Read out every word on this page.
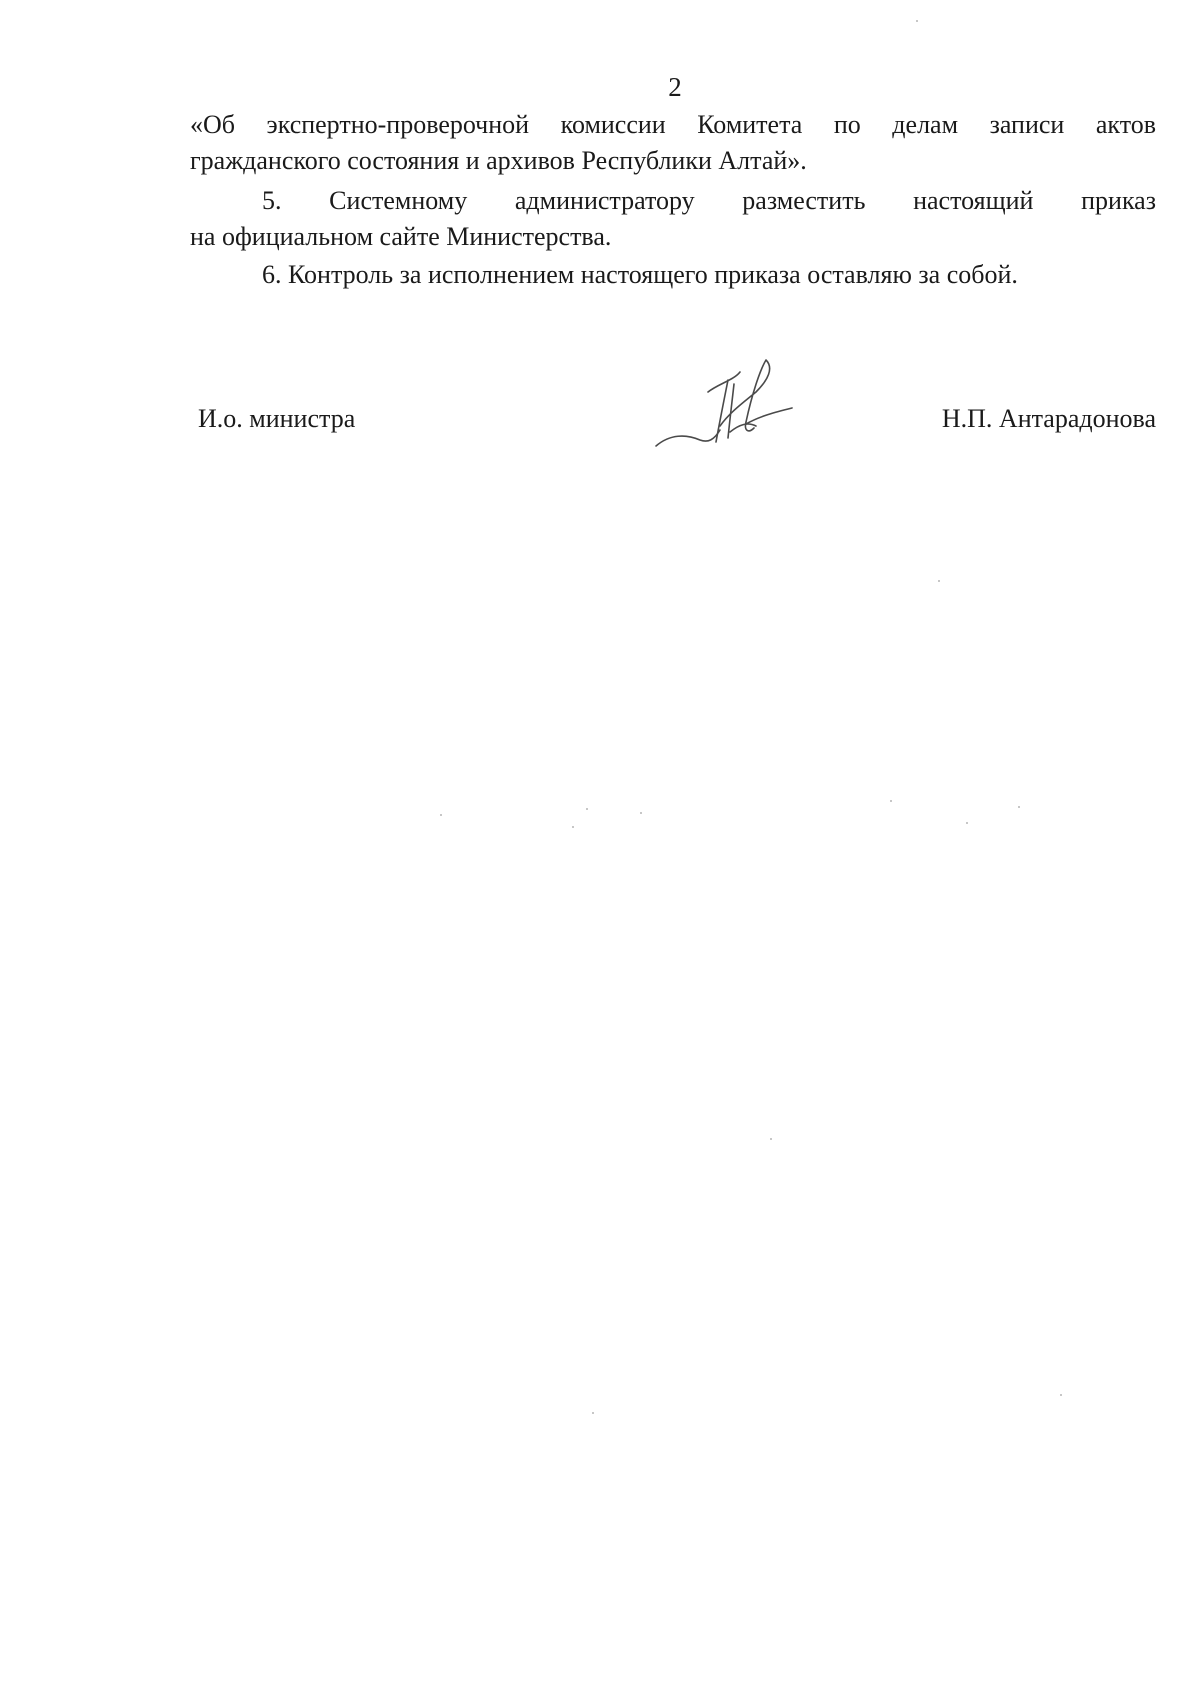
2
«Об экспертно-проверочной комиссии Комитета по делам записи актов
гражданского состояния и архивов Республики Алтай».
5. Системному администратору разместить настоящий приказ
на официальном сайте Министерства.
6. Контроль за исполнением настоящего приказа оставляю за собой.
И.о. министра	Н.П. Антарадонова
